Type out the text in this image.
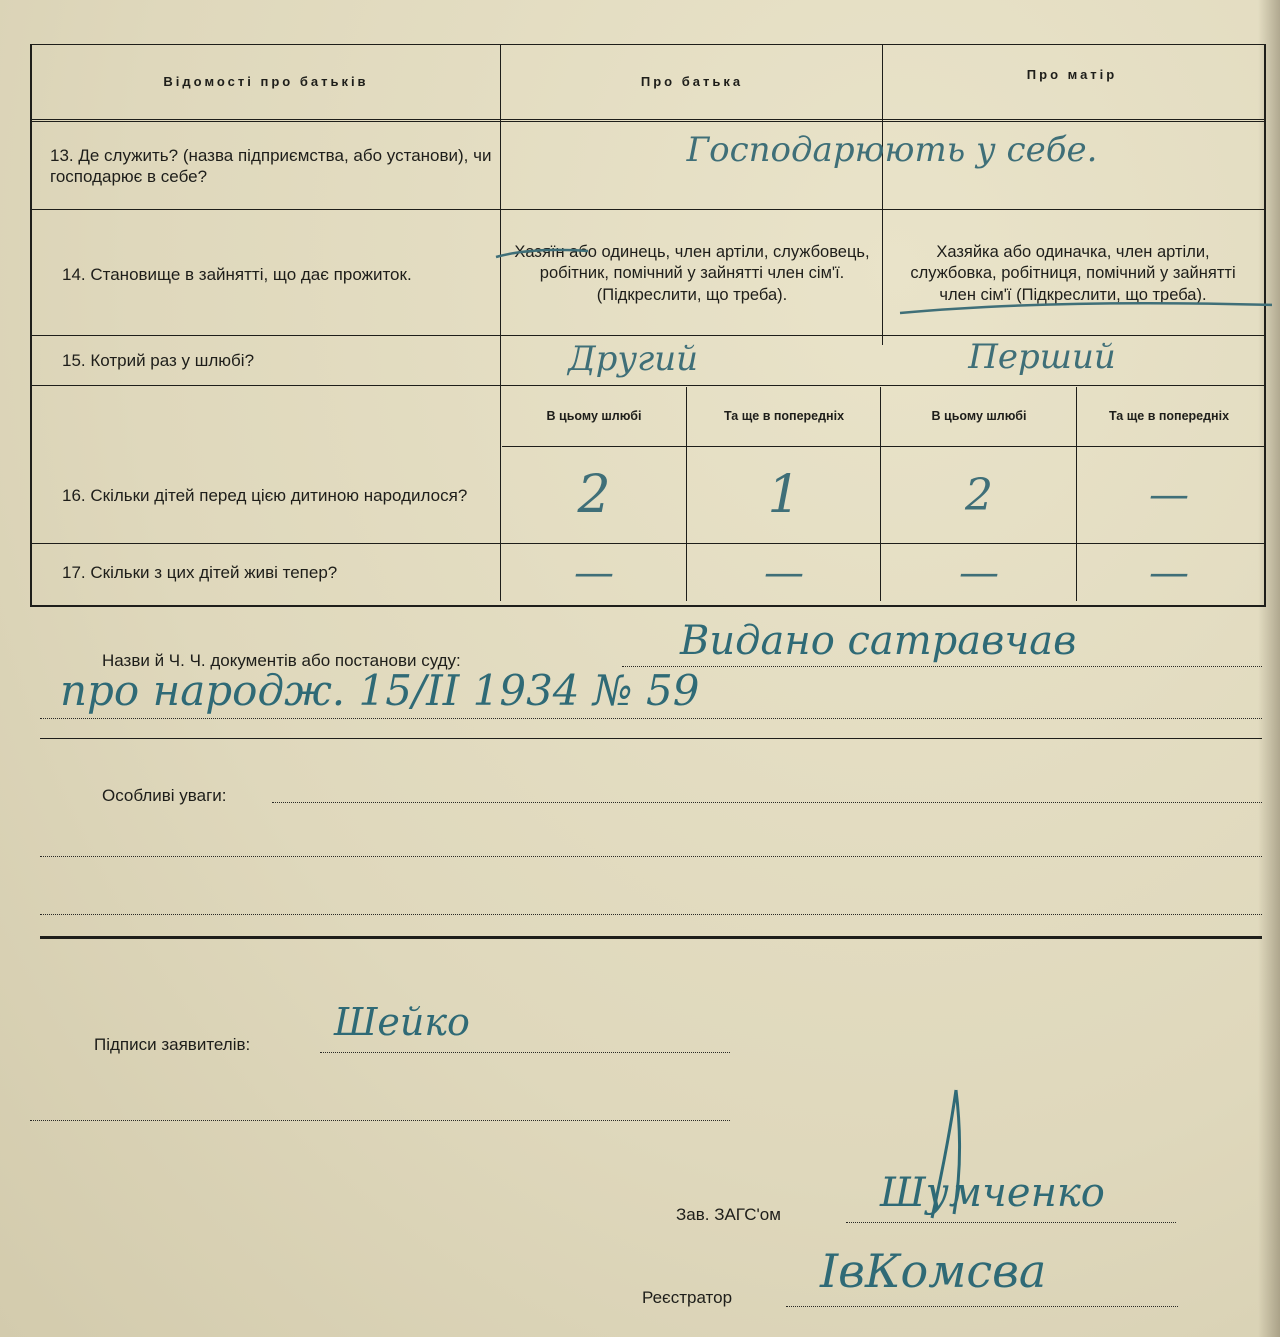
Відомості про батьків	Про батька	Про матір
13. Де служить? (назва підприємства, або установи), чи господарює в себе?
Господарюють у себе.
14. Становище в зайнятті, що дає прожиток.
Хазяїн або одинець, член артіли, службовець, робітник, помічний у зайнятті член сім'ї. (Підкреслити, що треба).
Хазяйка або одиначка, член артіли, службовка, робітниця, помічний у зайнятті член сім'ї (Підкреслити, що треба).
15. Котрий раз у шлюбі?	Другий	Перший
В цьому шлюбі	Та ще в попередніх	В цьому шлюбі	Та ще в попередніх
16. Скільки дітей перед цією дитиною народилося?	2	1	2	—
17. Скільки з цих дітей живі тепер?	—	—	—	—
Назви й Ч. Ч. документів або постанови суду:	Видано сатравчав
про народж. 15/ІІ 1934 № 59
Особливі уваги:
Підписи заявителів:
Шейко
Зав. ЗАГС'ом Шумченко
Реєстратор ІвКомсва
